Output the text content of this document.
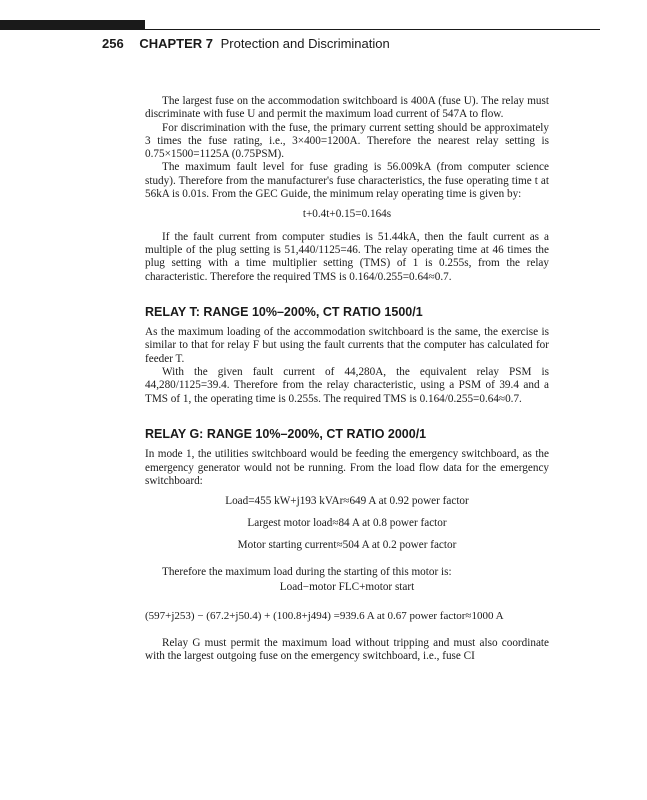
256 CHAPTER 7 Protection and Discrimination

The largest fuse on the accommodation switchboard is 400A (fuse U). The relay must discriminate with fuse U and permit the maximum load current of 547A to flow.

For discrimination with the fuse, the primary current setting should be approximately 3 times the fuse rating, i.e., 3×400=1200A. Therefore the nearest relay setting is 0.75×1500=1125A (0.75PSM).

The maximum fault level for fuse grading is 56.009kA (from computer science study). Therefore from the manufacturer's fuse characteristics, the fuse operating time t at 56kA is 0.01s. From the GEC Guide, the minimum relay operating time is given by:

t+0.4t+0.15=0.164s

If the fault current from computer studies is 51.44kA, then the fault current as a multiple of the plug setting is 51,440/1125=46. The relay operating time at 46 times the plug setting with a time multiplier setting (TMS) of 1 is 0.255s, from the relay characteristic. Therefore the required TMS is 0.164/0.255=0.64≈0.7.

RELAY T: RANGE 10%–200%, CT RATIO 1500/1

As the maximum loading of the accommodation switchboard is the same, the exercise is similar to that for relay F but using the fault currents that the computer has calculated for feeder T.

With the given fault current of 44,280A, the equivalent relay PSM is 44,280/1125=39.4. Therefore from the relay characteristic, using a PSM of 39.4 and a TMS of 1, the operating time is 0.255s. The required TMS is 0.164/0.255=0.64≈0.7.

RELAY G: RANGE 10%–200%, CT RATIO 2000/1

In mode 1, the utilities switchboard would be feeding the emergency switchboard, as the emergency generator would not be running. From the load flow data for the emergency switchboard:

Load=455 kW+j193 kVAr≈649 A at 0.92 power factor
Largest motor load≈84 A at 0.8 power factor
Motor starting current≈504 A at 0.2 power factor

Therefore the maximum load during the starting of this motor is:

Load−motor FLC+motor start
(597+j253) − (67.2+j50.4) + (100.8+j494) =939.6 A at 0.67 power factor≈1000 A

Relay G must permit the maximum load without tripping and must also coordinate with the largest outgoing fuse on the emergency switchboard, i.e., fuse CI
